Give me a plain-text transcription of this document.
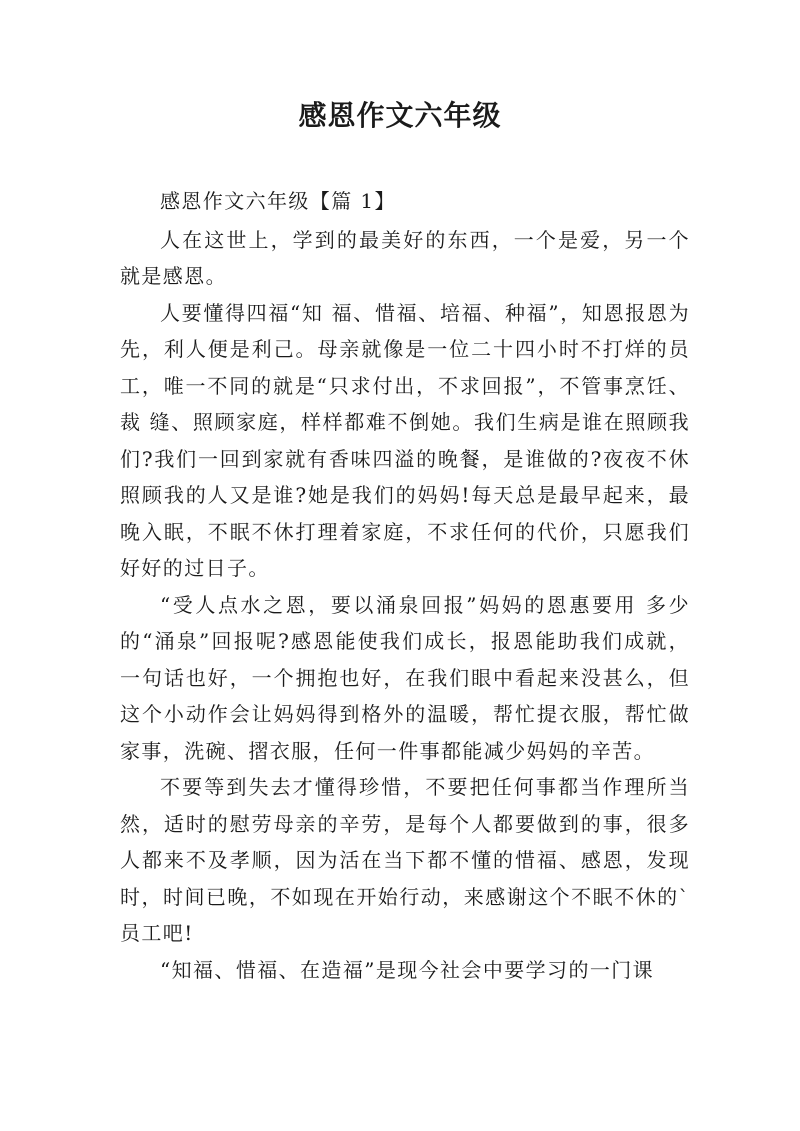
感恩作文六年级

感恩作文六年级【篇 1】

人在这世上，学到的最美好的东西，一个是爱，另一个就是感恩。

人要懂得四福“知 福、惜福、培福、种福”，知恩报恩为先，利人便是利己。母亲就像是一位二十四小时不打烊的员工，唯一不同的就是“只求付出，不求回报”，不管事烹饪、裁 缝、照顾家庭，样样都难不倒她。我们生病是谁在照顾我们?我们一回到家就有香味四溢的晚餐，是谁做的?夜夜不休照顾我的人又是谁?她是我们的妈妈!每天总是最早起来，最晚入眠，不眠不休打理着家庭，不求任何的代价，只愿我们好好的过日子。

“受人点水之恩，要以涌泉回报”妈妈的恩惠要用 多少的“涌泉”回报呢?感恩能使我们成长，报恩能助我们成就，一句话也好，一个拥抱也好，在我们眼中看起来没甚么，但这个小动作会让妈妈得到格外的温暖，帮忙提衣服，帮忙做家事，洗碗、摺衣服，任何一件事都能减少妈妈的辛苦。

不要等到失去才懂得珍惜，不要把任何事都当作理所当然，适时的慰劳母亲的辛劳，是每个人都要做到的事，很多人都来不及孝顺，因为活在当下都不懂的惜福、感恩，发现时，时间已晚，不如现在开始行动，来感谢这个不眠不休的`员工吧!

“知福、惜福、在造福”是现今社会中要学习的一门课
